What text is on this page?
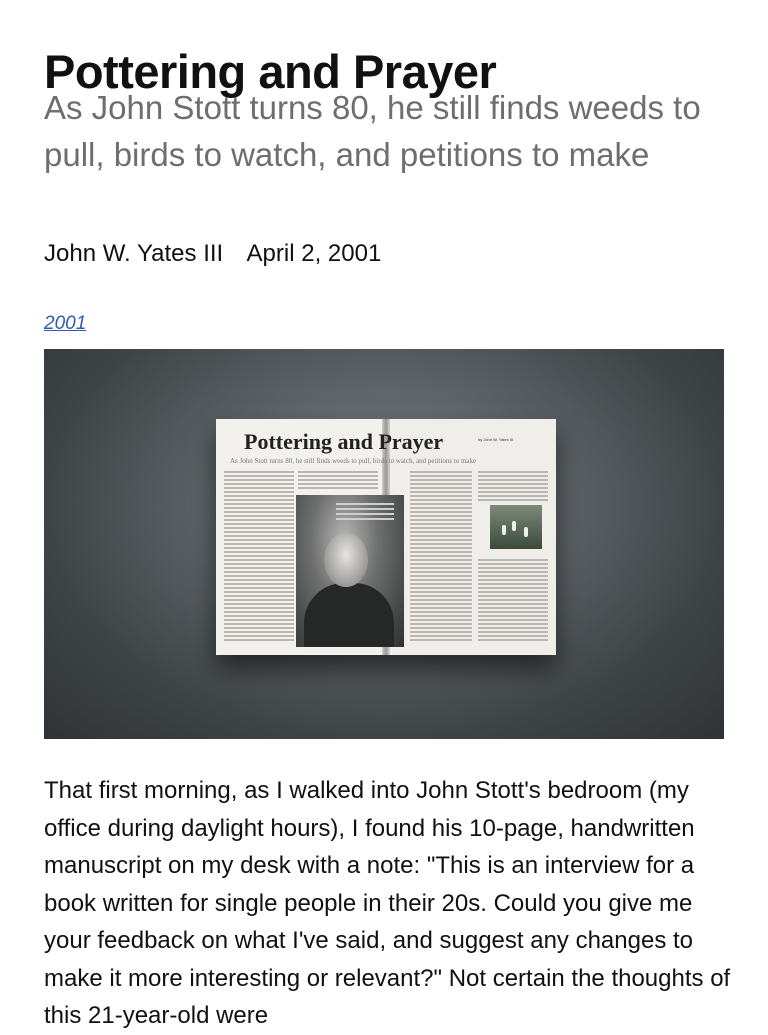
Pottering and Prayer
As John Stott turns 80, he still finds weeds to pull, birds to watch, and petitions to make
John W. Yates III April 2, 2001
2001
Pottering and Prayer	by John W. Yates III
As John Stott turns 80, he still finds weeds to pull, birds to watch, and petitions to make

That first morning, as I walked into John Stott's bedroom (my office during daylight hours), I found his 10-page, handwritten manuscript on my desk with a note: "This is an interview for a book written for single people in their 20s. Could you give me your feedback on what I've said, and suggest any changes to make it more interesting or relevant?" Not certain the thoughts of this 21-year-old were
